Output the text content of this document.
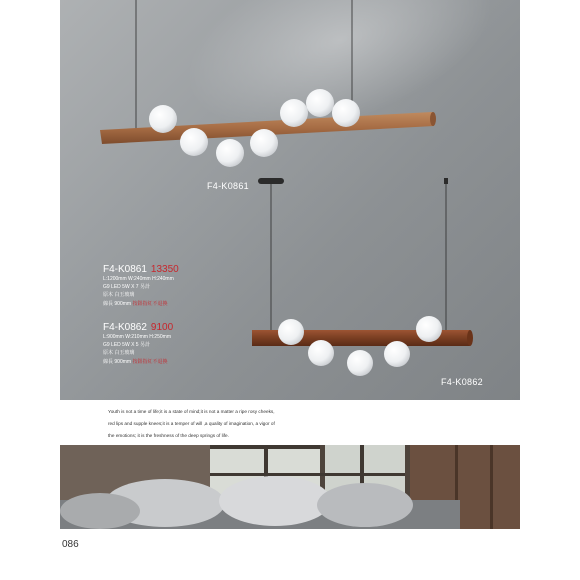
F4-K0861
F4-K0862
F4-K0861 13350
L:1200mm W:240mm H:240mm
G9 LED 5W X 7 另計
原木 白玉玻璃
線長 900mm 按鈕指紅不退換
F4-K0862 9100
L:900mm W:210mm H:250mm
G9 LED 5W X 5 另計
原木 白玉玻璃
線長 900mm 按鈕指紅不退換
Youth is not a time of life;it is a state of mind;it is not a matter a ripe rosy cheeks,
red lips and supple knees;it is a temper of will ,a quality of imagination, a vigor of
the emotions; it is the freshness of the deep springs of life.
086
